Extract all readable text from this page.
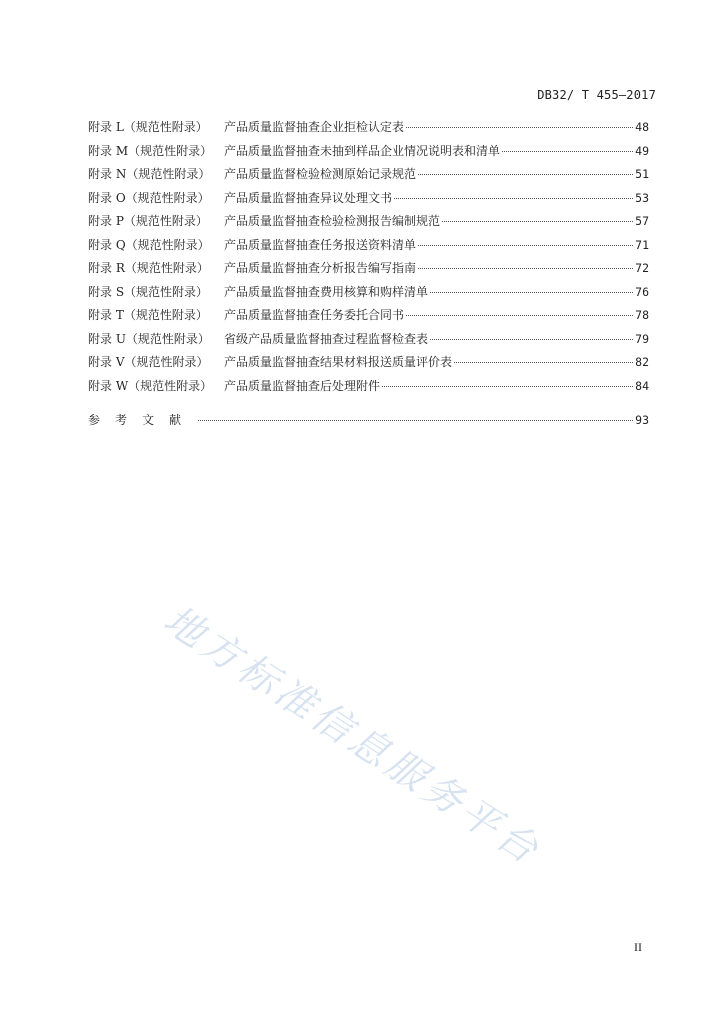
DB32/ T 455—2017
附录 L（规范性附录）	产品质量监督抽查企业拒检认定表	48
附录 M（规范性附录） 产品质量监督抽查未抽到样品企业情况说明表和清单	49
附录 N（规范性附录）	产品质量监督检验检测原始记录规范	51
附录 O（规范性附录）	产品质量监督抽查异议处理文书	53
附录 P（规范性附录）	产品质量监督抽查检验检测报告编制规范	57
附录 Q（规范性附录）	产品质量监督抽查任务报送资料清单	71
附录 R（规范性附录）	产品质量监督抽查分析报告编写指南	72
附录 S（规范性附录）	产品质量监督抽查费用核算和购样清单	76
附录 T（规范性附录）	产品质量监督抽查任务委托合同书	78
附录 U（规范性附录）	省级产品质量监督抽查过程监督检查表	79
附录 V（规范性附录）	产品质量监督抽查结果材料报送质量评价表	82
附录 W（规范性附录） 产品质量监督抽查后处理附件	84
参考文献	93
地方标准信息服务平台
II
